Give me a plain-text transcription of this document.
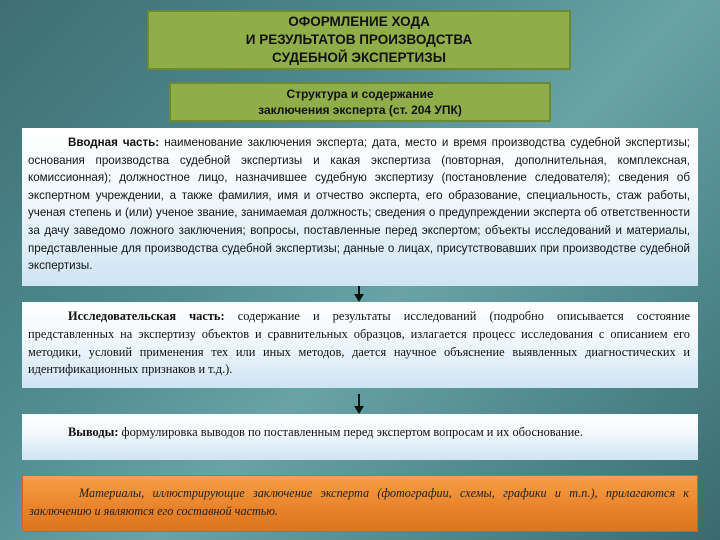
ОФОРМЛЕНИЕ ХОДА
И РЕЗУЛЬТАТОВ ПРОИЗВОДСТВА
СУДЕБНОЙ ЭКСПЕРТИЗЫ
Структура и содержание
заключения эксперта (ст. 204 УПК)

Вводная часть: наименование заключения эксперта; дата, место и время производства судебной экспертизы; основания производства судебной экспертизы и какая экспертиза (повторная, дополнительная, комплексная, комиссионная); должностное лицо, назначившее судебную экспертизу (постановление следователя); сведения об экспертном учреждении, а также фамилия, имя и отчество эксперта, его образование, специальность, стаж работы, ученая степень и (или) ученое звание, занимаемая должность; сведения о предупреждении эксперта об ответственности за дачу заведомо ложного заключения; вопросы, поставленные перед экспертом; объекты исследований и материалы, представленные для производства судебной экспертизы; данные о лицах, присутствовавших при производстве судебной экспертизы.

Исследовательская часть: содержание и результаты исследований (подробно описывается состояние представленных на экспертизу объектов и сравнительных образцов, излагается процесс исследования с описанием его методики, условий применения тех или иных методов, дается научное объяснение выявленных диагностических и идентификационных признаков и т.д.).

Выводы: формулировка выводов по поставленным перед экспертом вопросам и их обоснование.

Материалы, иллюстрирующие заключение эксперта (фотографии, схемы, графики и т.п.), прилагаются к заключению и являются его составной частью.
